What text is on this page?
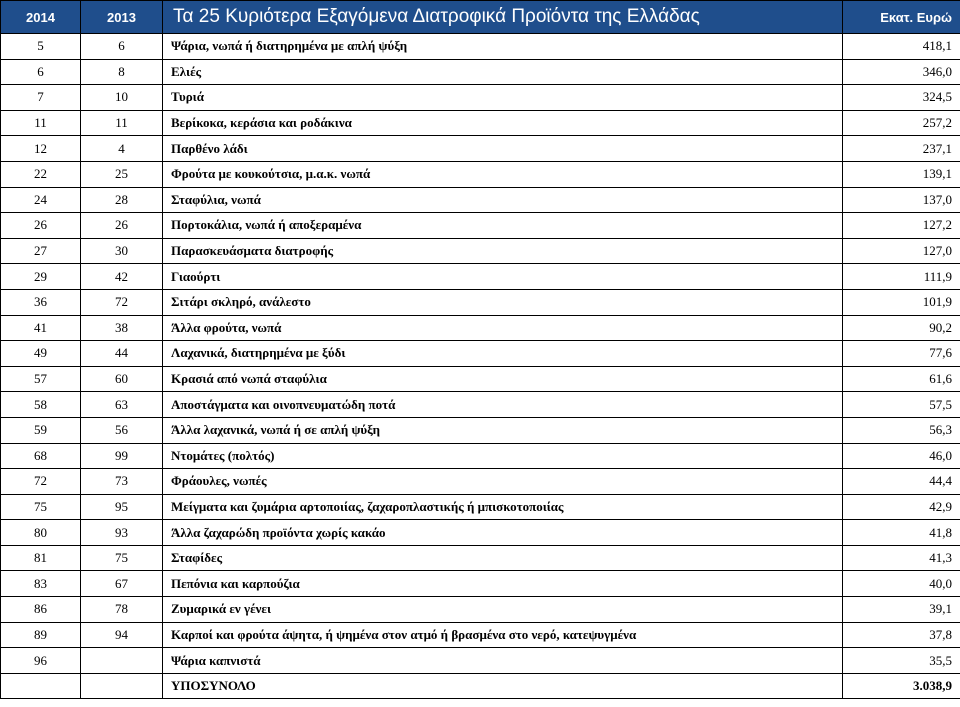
2014	2013	Τα 25 Κυριότερα Εξαγόμενα Διατροφικά Προϊόντα της Ελλάδας	Εκατ. Ευρώ
5	6	Ψάρια, νωπά ή διατηρημένα με απλή ψύξη	418,1
6	8	Ελιές	346,0
7	10	Τυριά	324,5
11	11	Βερίκοκα, κεράσια και ροδάκινα	257,2
12	4	Παρθένο λάδι	237,1
22	25	Φρούτα με κουκούτσια, μ.α.κ. νωπά	139,1
24	28	Σταφύλια, νωπά	137,0
26	26	Πορτοκάλια, νωπά ή αποξεραμένα	127,2
27	30	Παρασκευάσματα διατροφής	127,0
29	42	Γιαούρτι	111,9
36	72	Σιτάρι σκληρό, ανάλεστο	101,9
41	38	Άλλα φρούτα, νωπά	90,2
49	44	Λαχανικά, διατηρημένα με ξύδι	77,6
57	60	Κρασιά από νωπά σταφύλια	61,6
58	63	Αποστάγματα και οινοπνευματώδη ποτά	57,5
59	56	Άλλα λαχανικά, νωπά ή σε απλή ψύξη	56,3
68	99	Ντομάτες (πολτός)	46,0
72	73	Φράουλες, νωπές	44,4
75	95	Μείγματα και ζυμάρια αρτοποιίας, ζαχαροπλαστικής ή μπισκοτοποιίας	42,9
80	93	Άλλα ζαχαρώδη προϊόντα χωρίς κακάο	41,8
81	75	Σταφίδες	41,3
83	67	Πεπόνια και καρπούζια	40,0
86	78	Ζυμαρικά εν γένει	39,1
89	94	Καρποί και φρούτα άψητα, ή ψημένα στον ατμό ή βρασμένα στο νερό, κατεψυγμένα	37,8
96		Ψάρια καπνιστά	35,5
		ΥΠΟΣΥΝΟΛΟ	3.038,9
